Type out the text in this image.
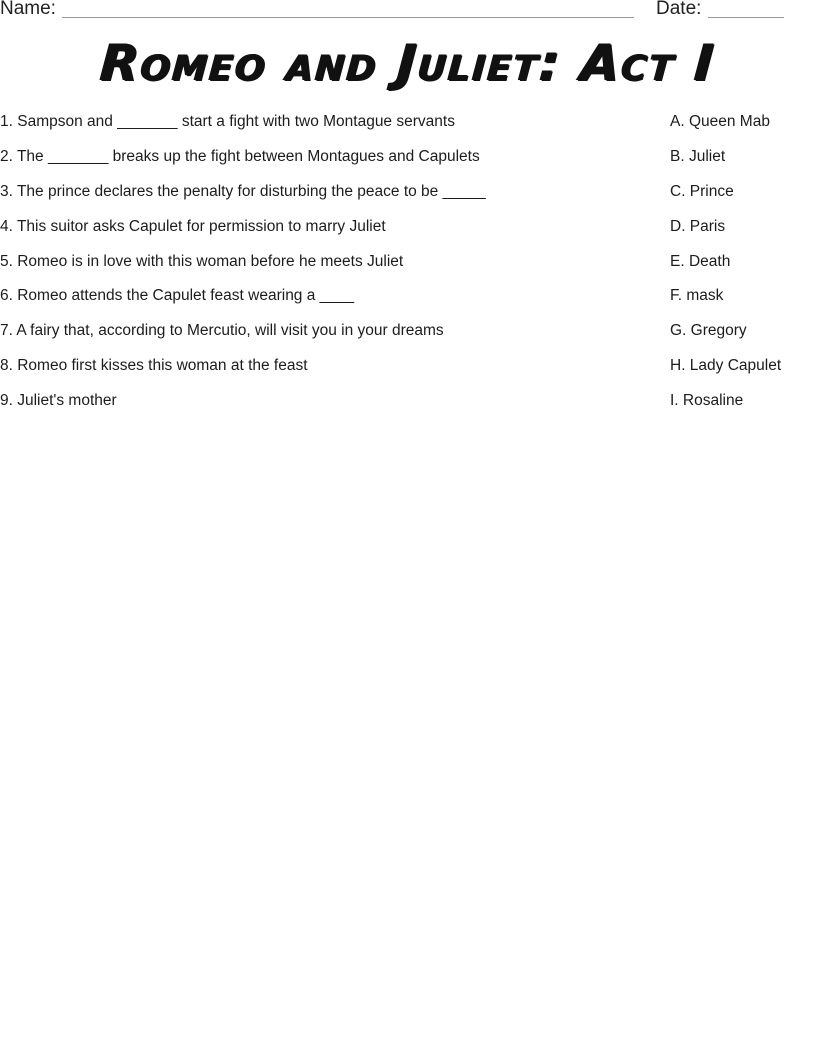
Name:	Date:
Romeo and Juliet: Act I
1. Sampson and _______ start a fight with two Montague servants
2. The _______ breaks up the fight between Montagues and Capulets
3. The prince declares the penalty for disturbing the peace to be _____
4. This suitor asks Capulet for permission to marry Juliet
5. Romeo is in love with this woman before he meets Juliet
6. Romeo attends the Capulet feast wearing a ____
7. A fairy that, according to Mercutio, will visit you in your dreams
8. Romeo first kisses this woman at the feast
9. Juliet's mother
A. Queen Mab
B. Juliet
C. Prince
D. Paris
E. Death
F. mask
G. Gregory
H. Lady Capulet
I. Rosaline
